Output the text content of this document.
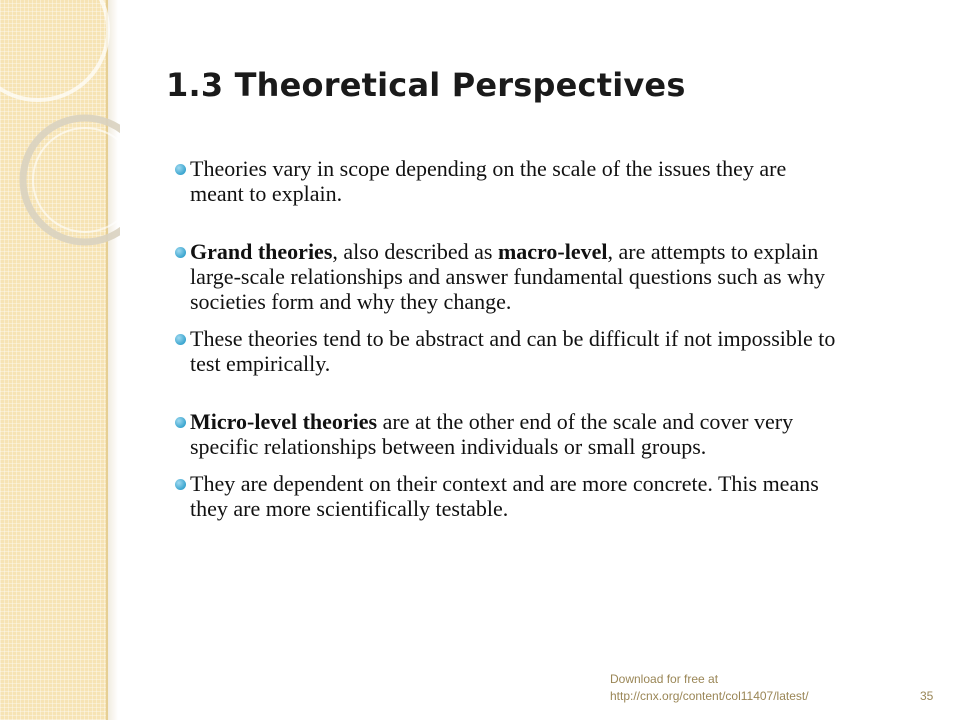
1.3 Theoretical Perspectives
Theories vary in scope depending on the scale of the issues they are meant to explain.
Grand theories, also described as macro-level, are attempts to explain large-scale relationships and answer fundamental questions such as why societies form and why they change.
These theories tend to be abstract and can be difficult if not impossible to test empirically.
Micro-level theories are at the other end of the scale and cover very specific relationships between individuals or small groups.
They are dependent on their context and are more concrete. This means they are more scientifically testable.
Download for free at
http://cnx.org/content/col11407/latest/	35
